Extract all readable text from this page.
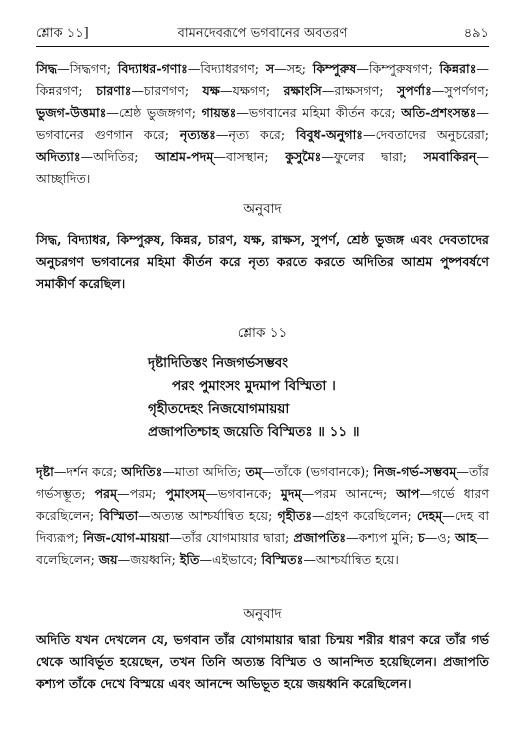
শ্লোক ১১]	বামনদেবরূপে ভগবানের অবতরণ	৪৯১
সিদ্ধ—সিদ্ধগণ; বিদ্যাধর-গণাঃ—বিদ্যাধরগণ; স—সহ; কিম্পুরুষ—কিম্পুরুষগণ; কিন্নরাঃ—কিন্নরগণ; চারণাঃ—চারণগণ; যক্ষ—যক্ষগণ; রক্ষাংসি—রাক্ষসগণ; সুপর্ণাঃ—সুপর্ণগণ; ভুজগ-উত্তমাঃ—শ্রেষ্ঠ ভুজঙ্গগণ; গায়ন্তঃ—ভগবানের মহিমা কীর্তন করে; অতি-প্রশংসন্তঃ—ভগবানের গুণগান করে; নৃত্যন্তঃ—নৃত্য করে; বিবুধ-অনুগাঃ—দেবতাদের অনুচরেরা; অদিত্যাঃ—অদিতির; আশ্রম-পদম্—বাসস্থান; কুসুমৈঃ—ফুলের দ্বারা; সমবাকিরন্—আচ্ছাদিত।
অনুবাদ
সিদ্ধ, বিদ্যাধর, কিম্পুরুষ, কিন্নর, চারণ, যক্ষ, রাক্ষস, সুপর্ণ, শ্রেষ্ঠ ভুজঙ্গ এবং দেবতাদের অনুচরগণ ভগবানের মহিমা কীর্তন করে নৃত্য করতে করতে অদিতির আশ্রম পুষ্পবর্ষণে সমাকীর্ণ করেছিল।
শ্লোক ১১
দৃষ্টাদিতিস্তং নিজগর্ভসম্ভবং
পরং পুমাংসং মুদমাপ বিস্মিতা ।
গৃহীতদেহং নিজযোগমায়য়া
প্রজাপতিশ্চাহ জয়েতি বিস্মিতঃ ॥ ১১ ॥
দৃষ্টা—দর্শন করে; অদিতিঃ—মাতা অদিতি; তম্—তাঁকে (ভগবানকে); নিজ-গর্ভ-সম্ভবম্—তাঁর গর্ভসম্ভূত; পরম্—পরম; পুমাংসম্—ভগবানকে; মুদম্—পরম আনন্দে; আপ—গর্ভে ধারণ করেছিলেন; বিস্মিতা—অত্যন্ত আশ্চর্যান্বিত হয়ে; গৃহীতঃ—গ্রহণ করেছিলেন; দেহম্—দেহ বা দিব্যরূপ; নিজ-যোগ-মায়য়া—তাঁর যোগমায়ার দ্বারা; প্রজাপতিঃ—কশ্যপ মুনি; চ—ও; আহ—বলেছিলেন; জয়—জয়ধ্বনি; ইতি—এইভাবে; বিস্মিতঃ—আশ্চর্যান্বিত হয়ে।
অনুবাদ
অদিতি যখন দেখলেন যে, ভগবান তাঁর যোগমায়ার দ্বারা চিন্ময় শরীর ধারণ করে তাঁর গর্ভ থেকে আবির্ভূত হয়েছেন, তখন তিনি অত্যন্ত বিস্মিত ও আনন্দিত হয়েছিলেন। প্রজাপতি কশ্যপ তাঁকে দেখে বিস্ময়ে এবং আনন্দে অভিভূত হয়ে জয়ধ্বনি করেছিলেন।
